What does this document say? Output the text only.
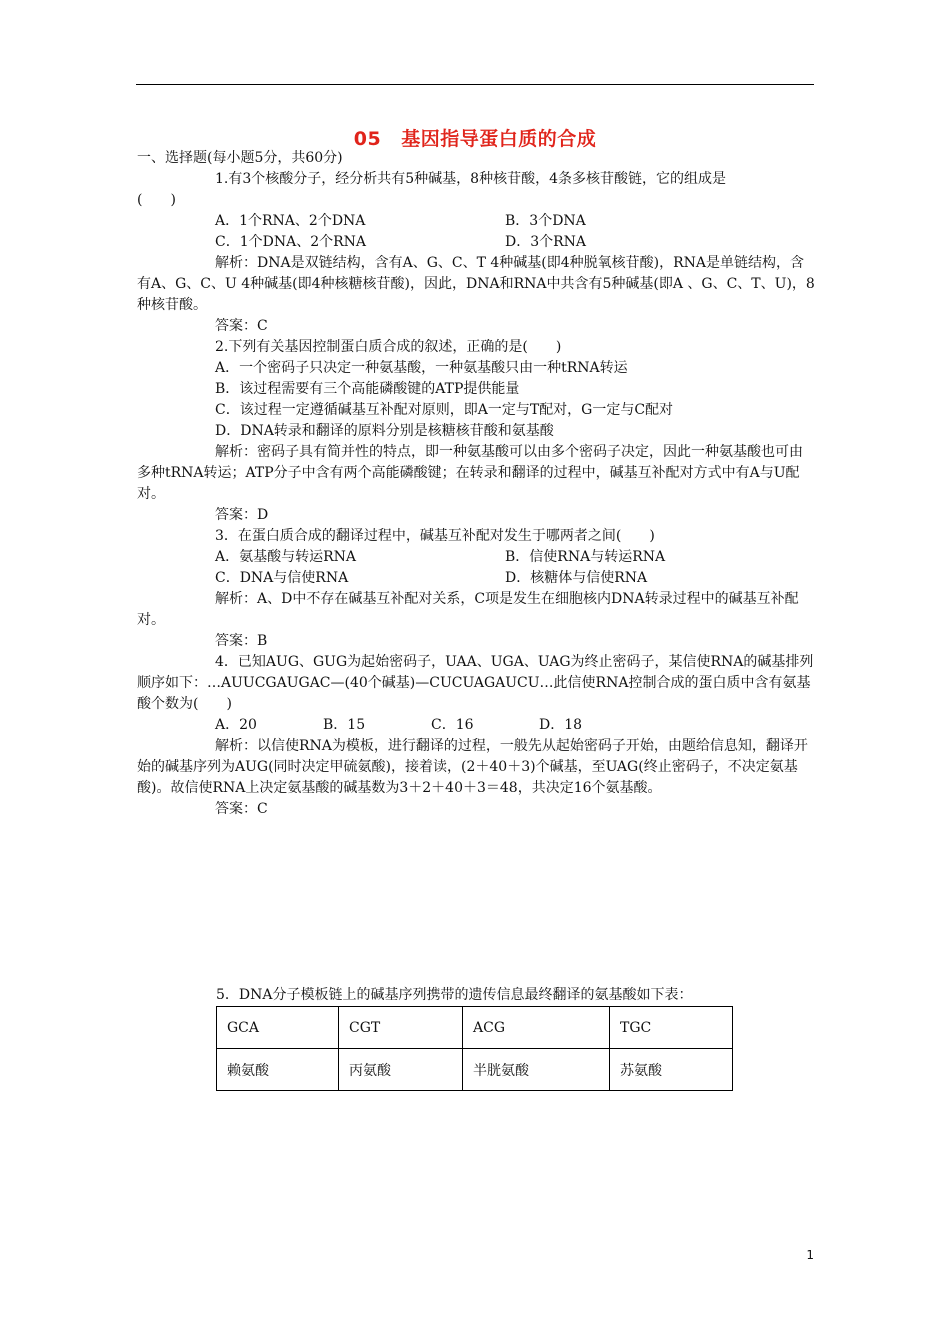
05 基因指导蛋白质的合成
一、选择题(每小题5分，共60分)
1.有3个核酸分子，经分析共有5种碱基，8种核苷酸，4条多核苷酸链，它的组成是
(　　)
A．1个RNA、2个DNA	B．3个DNA
C．1个DNA、2个RNA	D．3个RNA
解析：DNA是双链结构，含有A、G、C、T 4种碱基(即4种脱氧核苷酸)，RNA是单链结构，含有A、G、C、U 4种碱基(即4种核糖核苷酸)，因此，DNA和RNA中共含有5种碱基(即A 、G、C、T、U)，8种核苷酸。
答案：C
2.下列有关基因控制蛋白质合成的叙述，正确的是(　　)
A．一个密码子只决定一种氨基酸，一种氨基酸只由一种tRNA转运
B．该过程需要有三个高能磷酸键的ATP提供能量
C．该过程一定遵循碱基互补配对原则，即A一定与T配对，G一定与C配对
D．DNA转录和翻译的原料分别是核糖核苷酸和氨基酸
解析：密码子具有简并性的特点，即一种氨基酸可以由多个密码子决定，因此一种氨基酸也可由多种tRNA转运；ATP分子中含有两个高能磷酸键；在转录和翻译的过程中，碱基互补配对方式中有A与U配对。
答案：D
3．在蛋白质合成的翻译过程中，碱基互补配对发生于哪两者之间(　　)
A．氨基酸与转运RNA	B．信使RNA与转运RNA
C．DNA与信使RNA	D．核糖体与信使RNA
解析：A、D中不存在碱基互补配对关系，C项是发生在细胞核内DNA转录过程中的碱基互补配对。
答案：B
4．已知AUG、GUG为起始密码子，UAA、UGA、UAG为终止密码子，某信使RNA的碱基排列顺序如下：…AUUCGAUGAC—(40个碱基)—CUCUAGAUCU…此信使RNA控制合成的蛋白质中含有氨基酸个数为(　　)
A．20	B．15	C．16	D．18
解析：以信使RNA为模板，进行翻译的过程，一般先从起始密码子开始，由题给信息知，翻译开始的碱基序列为AUG(同时决定甲硫氨酸)，接着读，(2＋40＋3)个碱基，至UAG(终止密码子，不决定氨基酸)。故信使RNA上决定氨基酸的碱基数为3＋2＋40＋3＝48，共决定16个氨基酸。
答案：C
5．DNA分子模板链上的碱基序列携带的遗传信息最终翻译的氨基酸如下表：
GCA	CGT	ACG	TGC
赖氨酸	丙氨酸	半胱氨酸	苏氨酸
1
